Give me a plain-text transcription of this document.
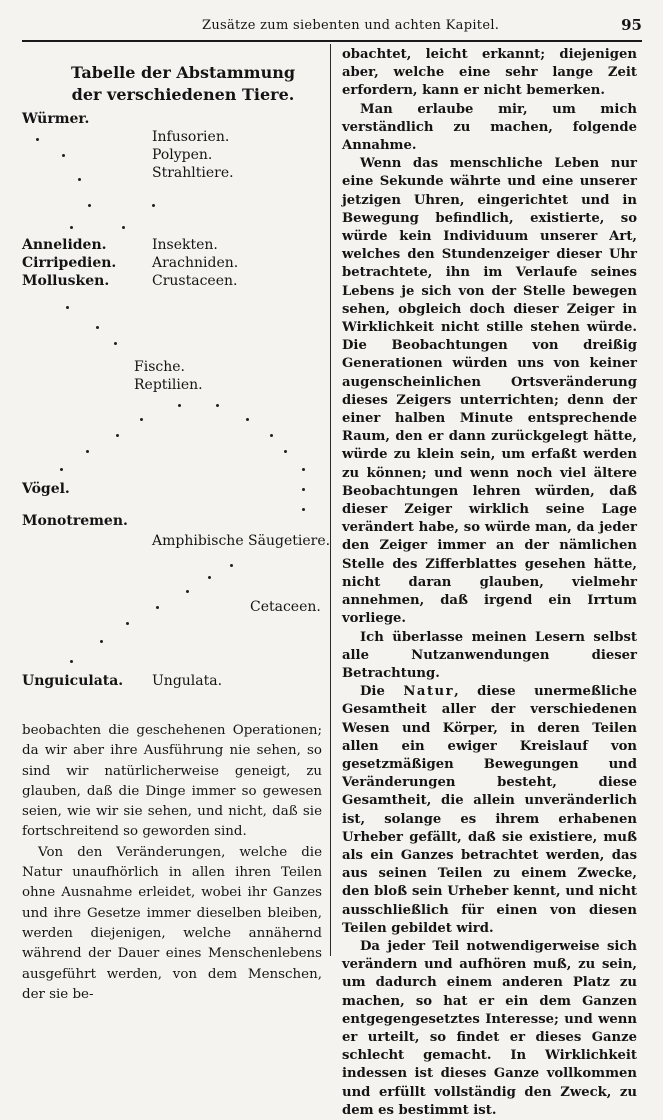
Zusätze zum siebenten und achten Kapitel.	95
Tabelle der Abstammung
der verschiedenen Tiere.
Würmer.
Infusorien.
Polypen.
Strahltiere.
Anneliden.	Insekten.
Cirripedien.	Arachniden.
Mollusken.	Crustaceen.
Fische.
Reptilien.
Vögel.
Monotremen.
Amphibische Säugetiere.
Cetaceen.
Unguiculata. Ungulata.

beobachten die geschehenen Operationen; da wir aber ihre Ausführung nie sehen, so sind wir natürlicherweise geneigt, zu glauben, daß die Dinge immer so gewesen seien, wie wir sie sehen, und nicht, daß sie fortschreitend so geworden sind.

Von den Veränderungen, welche die Natur unaufhörlich in allen ihren Teilen ohne Ausnahme erleidet, wobei ihr Ganzes und ihre Gesetze immer dieselben bleiben, werden diejenigen, welche annähernd während der Dauer eines Menschenlebens ausgeführt werden, von dem Menschen, der sie be-

obachtet, leicht erkannt; diejenigen aber, welche eine sehr lange Zeit erfordern, kann er nicht bemerken.

Man erlaube mir, um mich verständlich zu machen, folgende Annahme.

Wenn das menschliche Leben nur eine Sekunde währte und eine unserer jetzigen Uhren, eingerichtet und in Bewegung befindlich, existierte, so würde kein Individuum unserer Art, welches den Stundenzeiger dieser Uhr betrachtete, ihn im Verlaufe seines Lebens je sich von der Stelle bewegen sehen, obgleich doch dieser Zeiger in Wirklichkeit nicht stille stehen würde. Die Beobachtungen von dreißig Generationen würden uns von keiner augenscheinlichen Ortsveränderung dieses Zeigers unterrichten; denn der einer halben Minute entsprechende Raum, den er dann zurückgelegt hätte, würde zu klein sein, um erfaßt werden zu können; und wenn noch viel ältere Beobachtungen lehren würden, daß dieser Zeiger wirklich seine Lage verändert habe, so würde man, da jeder den Zeiger immer an der nämlichen Stelle des Zifferblattes gesehen hätte, nicht daran glauben, vielmehr annehmen, daß irgend ein Irrtum vorliege.

Ich überlasse meinen Lesern selbst alle Nutzanwendungen dieser Betrachtung.

Die Natur, diese unermeßliche Gesamtheit aller der verschiedenen Wesen und Körper, in deren Teilen allen ein ewiger Kreislauf von gesetzmäßigen Bewegungen und Veränderungen besteht, diese Gesamtheit, die allein unveränderlich ist, solange es ihrem erhabenen Urheber gefällt, daß sie existiere, muß als ein Ganzes betrachtet werden, das aus seinen Teilen zu einem Zwecke, den bloß sein Urheber kennt, und nicht ausschließlich für einen von diesen Teilen gebildet wird.

Da jeder Teil notwendigerweise sich verändern und aufhören muß, zu sein, um dadurch einem anderen Platz zu machen, so hat er ein dem Ganzen entgegengesetztes Interesse; und wenn er urteilt, so findet er dieses Ganze schlecht gemacht. In Wirklichkeit indessen ist dieses Ganze vollkommen und erfüllt vollständig den Zweck, zu dem es bestimmt ist.
